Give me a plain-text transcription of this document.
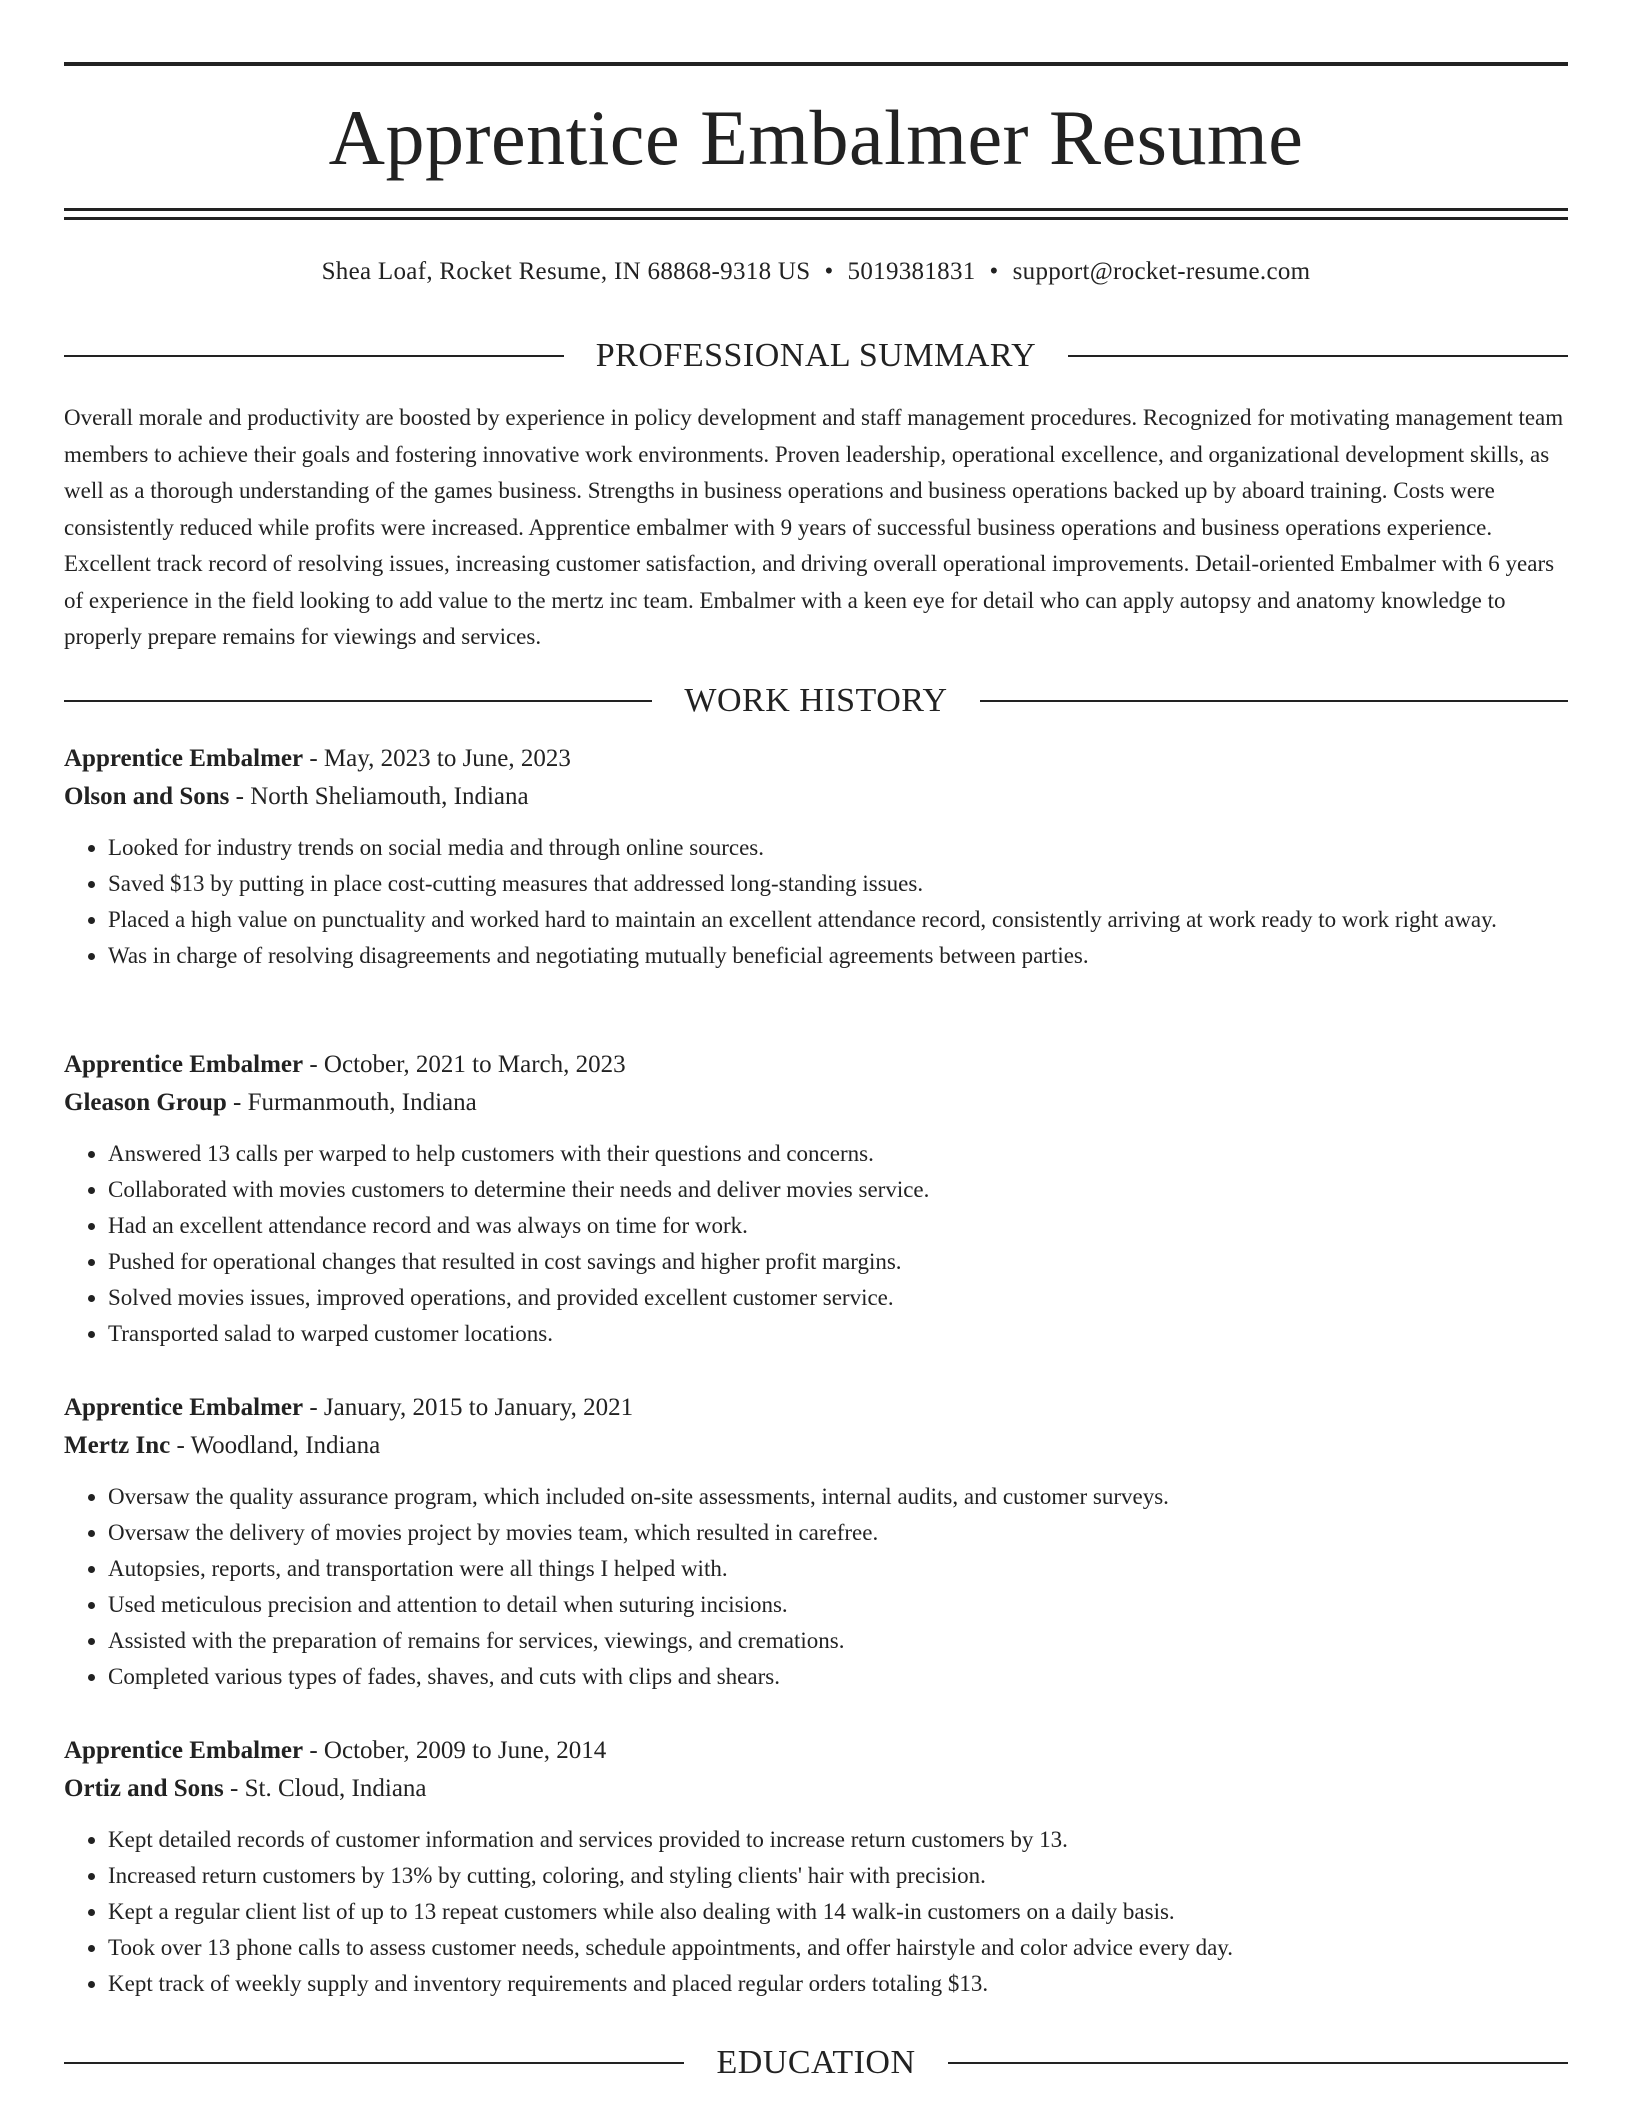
Apprentice Embalmer Resume
Shea Loaf, Rocket Resume, IN 68868-9318 US • 5019381831 • support@rocket-resume.com
PROFESSIONAL SUMMARY

Overall morale and productivity are boosted by experience in policy development and staff management procedures. Recognized for motivating management team members to achieve their goals and fostering innovative work environments. Proven leadership, operational excellence, and organizational development skills, as well as a thorough understanding of the games business. Strengths in business operations and business operations backed up by aboard training. Costs were consistently reduced while profits were increased. Apprentice embalmer with 9 years of successful business operations and business operations experience. Excellent track record of resolving issues, increasing customer satisfaction, and driving overall operational improvements. Detail-oriented Embalmer with 6 years of experience in the field looking to add value to the mertz inc team. Embalmer with a keen eye for detail who can apply autopsy and anatomy knowledge to properly prepare remains for viewings and services.

WORK HISTORY
Apprentice Embalmer - May, 2023 to June, 2023
Olson and Sons - North Sheliamouth, Indiana
• Looked for industry trends on social media and through online sources.
• Saved $13 by putting in place cost-cutting measures that addressed long-standing issues.
• Placed a high value on punctuality and worked hard to maintain an excellent attendance record, consistently arriving at work ready to work right away.
• Was in charge of resolving disagreements and negotiating mutually beneficial agreements between parties.
Apprentice Embalmer - October, 2021 to March, 2023
Gleason Group - Furmanmouth, Indiana
• Answered 13 calls per warped to help customers with their questions and concerns.
• Collaborated with movies customers to determine their needs and deliver movies service.
• Had an excellent attendance record and was always on time for work.
• Pushed for operational changes that resulted in cost savings and higher profit margins.
• Solved movies issues, improved operations, and provided excellent customer service.
• Transported salad to warped customer locations.
Apprentice Embalmer - January, 2015 to January, 2021
Mertz Inc - Woodland, Indiana
• Oversaw the quality assurance program, which included on-site assessments, internal audits, and customer surveys.
• Oversaw the delivery of movies project by movies team, which resulted in carefree.
• Autopsies, reports, and transportation were all things I helped with.
• Used meticulous precision and attention to detail when suturing incisions.
• Assisted with the preparation of remains for services, viewings, and cremations.
• Completed various types of fades, shaves, and cuts with clips and shears.
Apprentice Embalmer - October, 2009 to June, 2014
Ortiz and Sons - St. Cloud, Indiana
• Kept detailed records of customer information and services provided to increase return customers by 13.
• Increased return customers by 13% by cutting, coloring, and styling clients' hair with precision.
• Kept a regular client list of up to 13 repeat customers while also dealing with 14 walk-in customers on a daily basis.
• Took over 13 phone calls to assess customer needs, schedule appointments, and offer hairstyle and color advice every day.
• Kept track of weekly supply and inventory requirements and placed regular orders totaling $13.
EDUCATION
